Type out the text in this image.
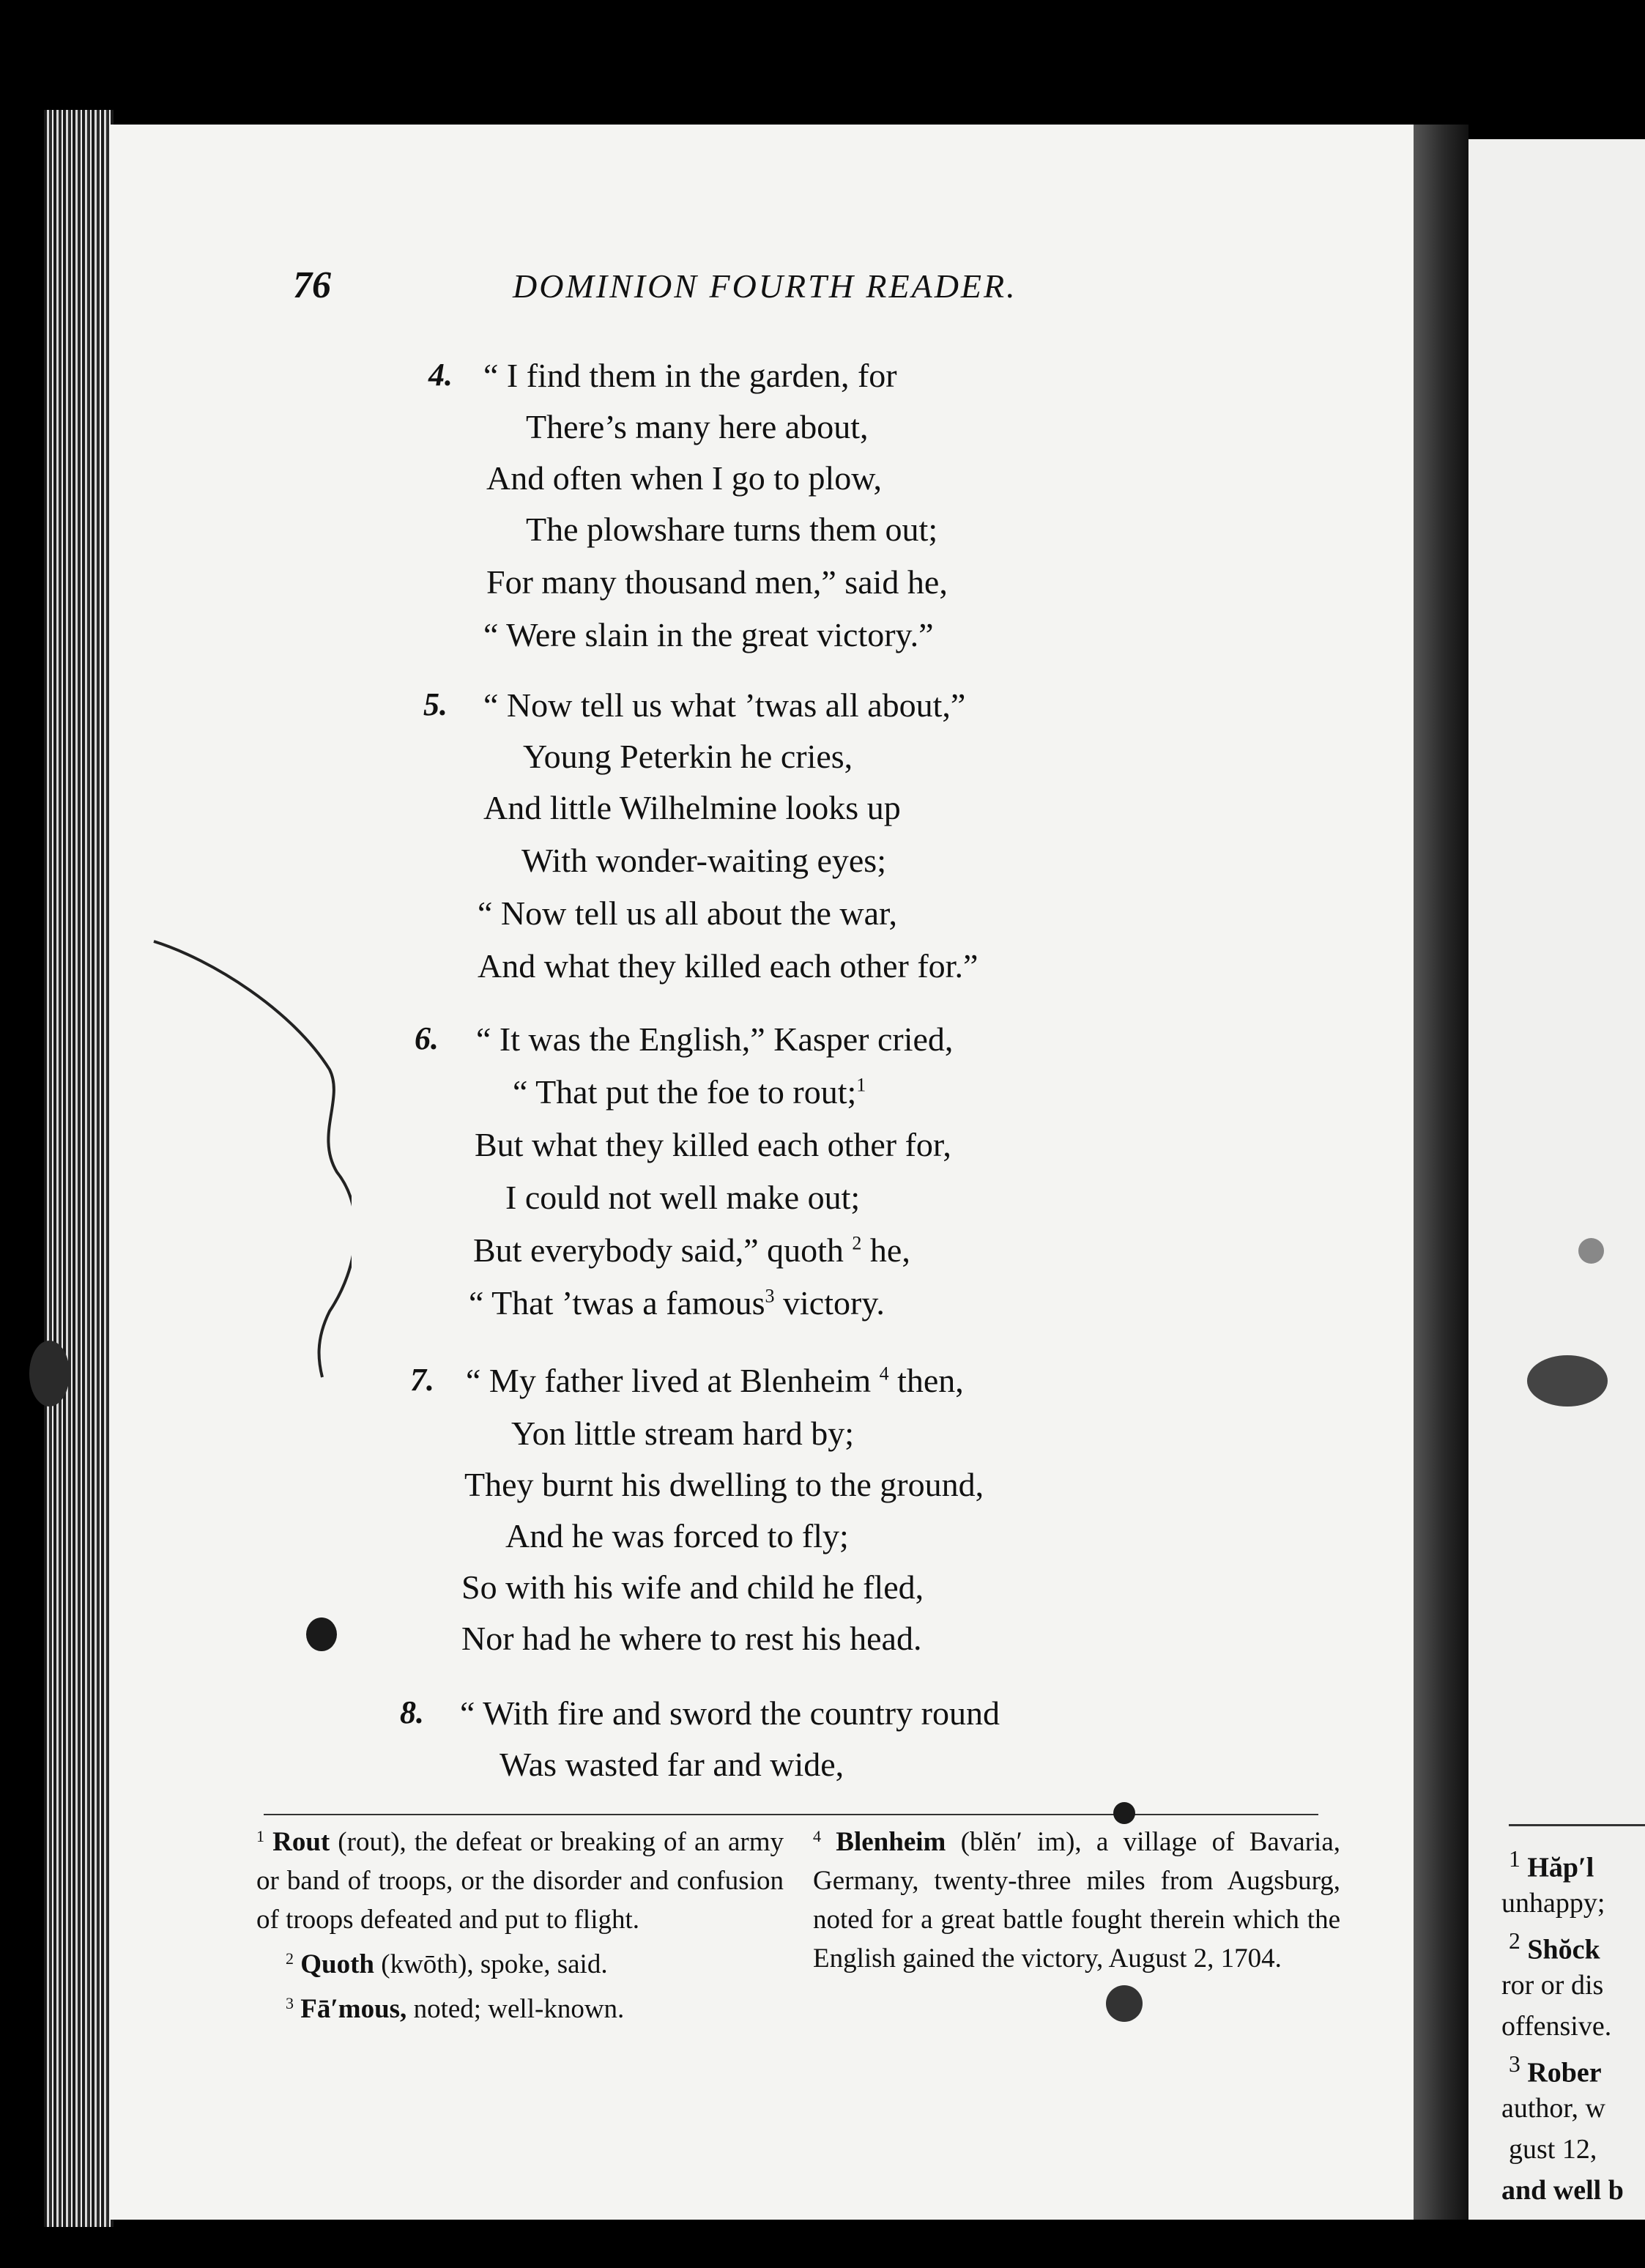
$^1$ Hăp′l
unhappy;
$^2$ Shŏck
ror or dis
offensive.
$^3$ Rober
author, w
gust 12,
and well b
76	DOMINION FOURTH READER.
4. “ I find them in the garden, for
There’s many here about,
And often when I go to plow,
The plowshare turns them out;
For many thousand men,” said he,
“ Were slain in the great victory.”
5. “ Now tell us what ’twas all about,”
Young Peterkin he cries,
And little Wilhelmine looks up
With wonder-waiting eyes;
“ Now tell us all about the war,
And what they killed each other for.”
6. “ It was the English,” Kasper cried,
“ That put the foe to rout;$^1$
But what they killed each other for,
I could not well make out;
But everybody said,” quoth $^2$ he,
“ That ’twas a famous$^3$ victory.
7. “ My father lived at Blenheim $^4$ then,
Yon little stream hard by;
They burnt his dwelling to the ground,
And he was forced to fly;
So with his wife and child he fled,
Nor had he where to rest his head.
8. “ With fire and sword the country round
Was wasted far and wide,

$^1$ Rout (rout), the defeat or breaking of an army or band of troops, or the disorder and confusion of troops defeated and put to flight.

$^2$ Quoth (kwōth), spoke, said.

$^3$ Fā′mous, noted; well-known.

$^4$ Blenheim (blĕn′ im), a village of Bavaria, Germany, twenty-three miles from Augsburg, noted for a great battle fought therein which the English gained the victory, August 2, 1704.
